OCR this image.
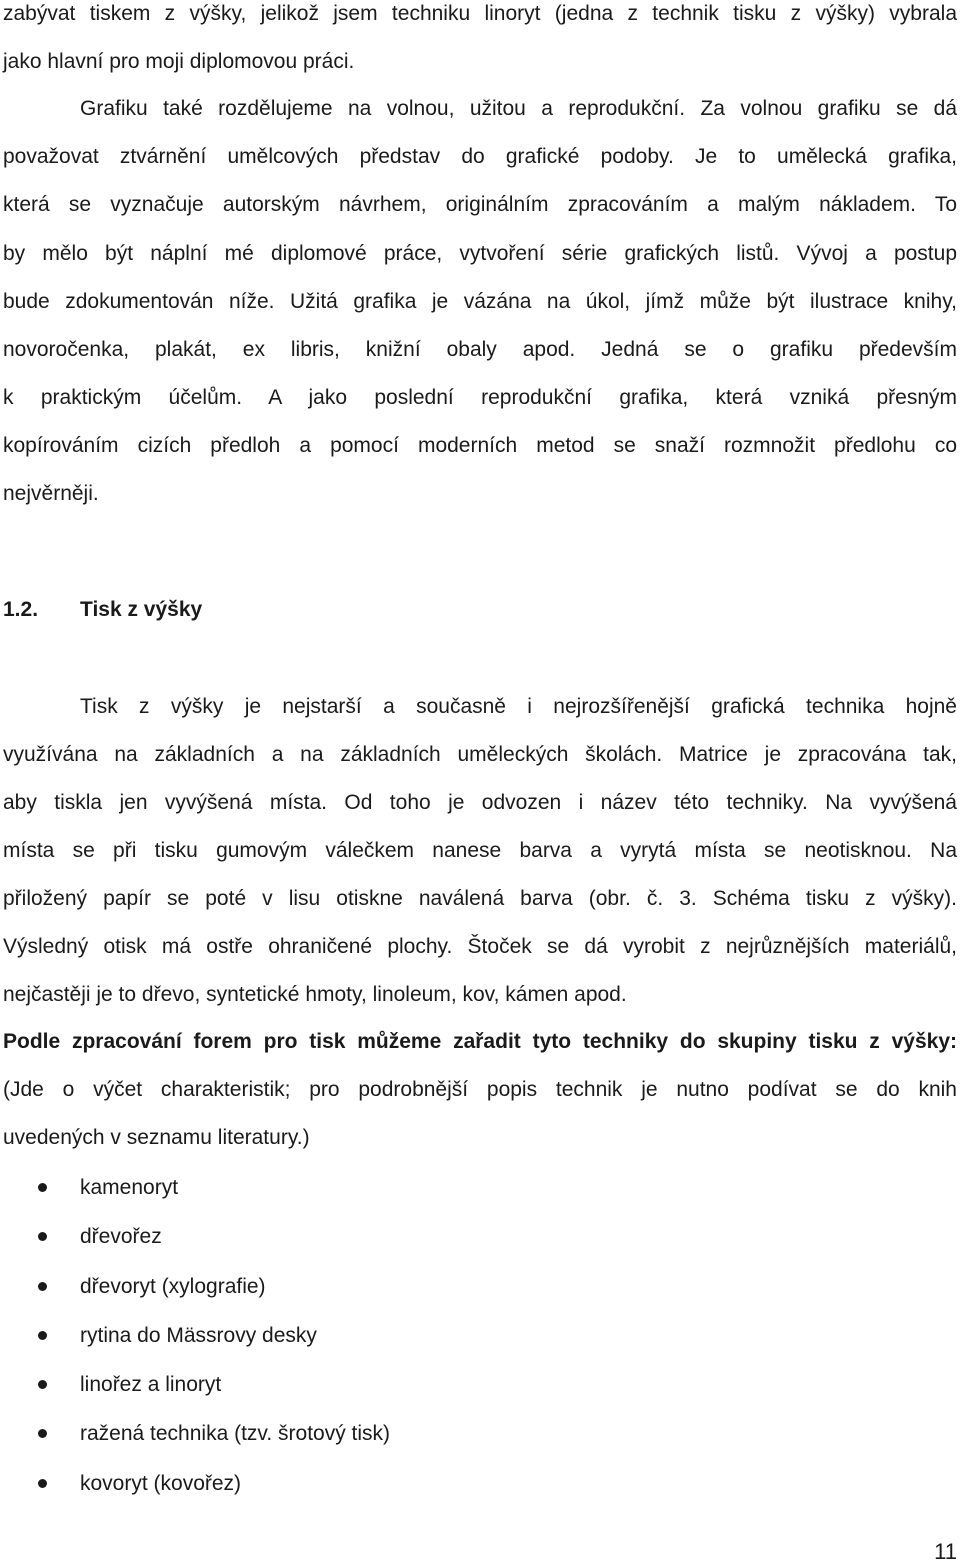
zabývat tiskem z výšky, jelikož jsem techniku linoryt (jedna z technik tisku z výšky) vybrala
jako hlavní pro moji diplomovou práci.
Grafiku také rozdělujeme na volnou, užitou a reprodukční. Za volnou grafiku se dá
považovat ztvárnění umělcových představ do grafické podoby. Je to umělecká grafika,
která se vyznačuje autorským návrhem, originálním zpracováním a malým nákladem. To
by mělo být náplní mé diplomové práce, vytvoření série grafických listů. Vývoj a postup
bude zdokumentován níže. Užitá grafika je vázána na úkol, jímž může být ilustrace knihy,
novoročenka, plakát, ex libris, knižní obaly apod. Jedná se o grafiku především
k praktickým účelům. A jako poslední reprodukční grafika, která vzniká přesným
kopírováním cizích předloh a pomocí moderních metod se snaží rozmnožit předlohu co
nejvěrněji.
1.2. Tisk z výšky
Tisk z výšky je nejstarší a současně i nejrozšířenější grafická technika hojně
využívána na základních a na základních uměleckých školách. Matrice je zpracována tak,
aby tiskla jen vyvýšená místa. Od toho je odvozen i název této techniky. Na vyvýšená
místa se při tisku gumovým válečkem nanese barva a vyrytá místa se neotisknou. Na
přiložený papír se poté v lisu otiskne naválená barva (obr. č. 3. Schéma tisku z výšky).
Výsledný otisk má ostře ohraničené plochy. Štoček se dá vyrobit z nejrůznějších materiálů,
nejčastěji je to dřevo, syntetické hmoty, linoleum, kov, kámen apod.
Podle zpracování forem pro tisk můžeme zařadit tyto techniky do skupiny tisku z výšky:
(Jde o výčet charakteristik; pro podrobnější popis technik je nutno podívat se do knih
uvedených v seznamu literatury.)
kamenoryt
dřevořez
dřevoryt (xylografie)
rytina do Mässrovy desky
linořez a linoryt
ražená technika (tzv. šrotový tisk)
kovoryt (kovořez)
11
